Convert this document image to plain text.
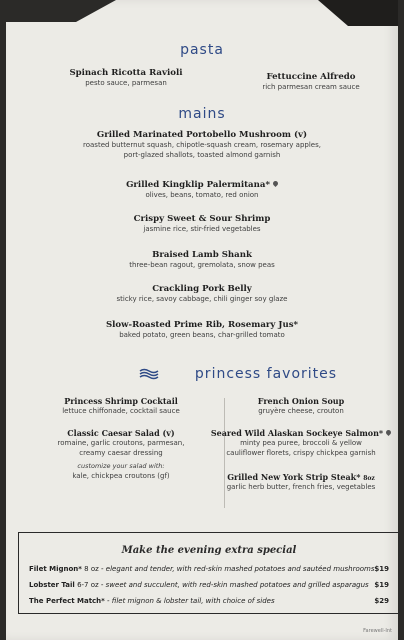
pasta
Spinach Ricotta Ravioli
pesto sauce, parmesan
Fettuccine Alfredo
rich parmesan cream sauce
mains
Grilled Marinated Portobello Mushroom (v)
roasted butternut squash, chipotle-squash cream, rosemary apples,
port-glazed shallots, toasted almond garnish
Grilled Kingklip Palermitana*
olives, beans, tomato, red onion
Crispy Sweet & Sour Shrimp
jasmine rice, stir-fried vegetables
Braised Lamb Shank
three-bean ragout, gremolata, snow peas
Crackling Pork Belly
sticky rice, savoy cabbage, chili ginger soy glaze
Slow-Roasted Prime Rib, Rosemary Jus*
baked potato, green beans, char-grilled tomato
princess favorites
Princess Shrimp Cocktail
lettuce chiffonade, cocktail sauce
Classic Caesar Salad (v)
romaine, garlic croutons, parmesan,
creamy caesar dressing
customize your salad with:
kale, chickpea croutons (gf)
French Onion Soup
gruyère cheese, crouton
Seared Wild Alaskan Sockeye Salmon*
minty pea puree, broccoli & yellow
cauliflower florets, crispy chickpea garnish
Grilled New York Strip Steak* 8oz
garlic herb butter, french fries, vegetables
Make the evening extra special
Filet Mignon* 8 oz - elegant and tender, with red-skin mashed potatoes and sautéed mushrooms $19
Lobster Tail 6-7 oz - sweet and succulent, with red-skin mashed potatoes and grilled asparagus $19
The Perfect Match* - filet mignon & lobster tail, with choice of sides	$29
Farewell-Int
